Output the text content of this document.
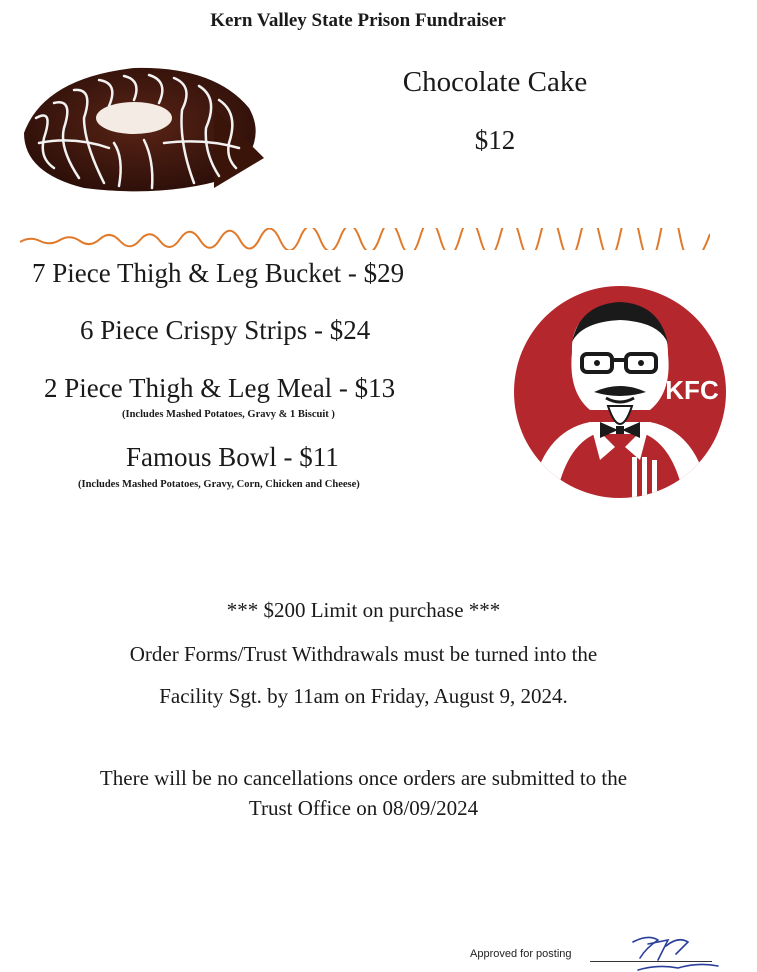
Kern Valley State Prison Fundraiser
Chocolate Cake
$12
7 Piece Thigh & Leg Bucket - $29
6 Piece Crispy Strips - $24
2 Piece Thigh & Leg Meal - $13
(Includes Mashed Potatoes, Gravy & 1 Biscuit )
Famous Bowl - $11
(Includes Mashed Potatoes, Gravy, Corn, Chicken and Cheese)
KFC
*** $200 Limit on purchase ***
Order Forms/Trust Withdrawals must be turned into the
Facility Sgt. by 11am on Friday, August 9, 2024.
There will be no cancellations once orders are submitted to the
Trust Office on 08/09/2024
Approved for posting
